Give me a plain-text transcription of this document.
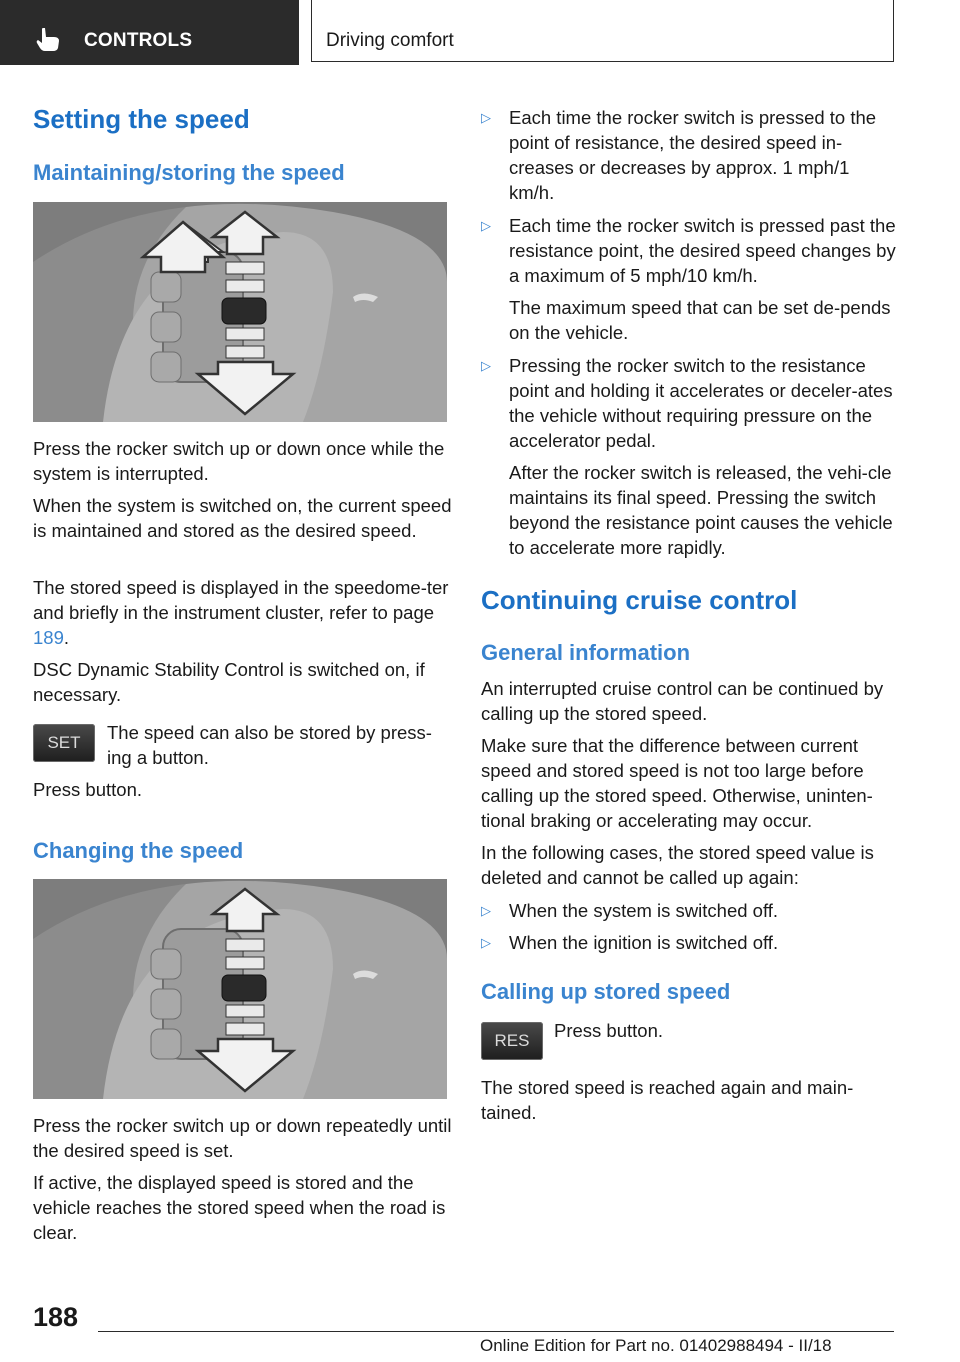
CONTROLS	Driving comfort
Setting the speed
Maintaining/storing the speed
Press the rocker switch up or down once while the system is interrupted.
When the system is switched on, the current speed is maintained and stored as the desired speed.
The stored speed is displayed in the speedome‐ter and briefly in the instrument cluster, refer to page 189.
DSC Dynamic Stability Control is switched on, if necessary.
SET	The speed can also be stored by press‐ing a button.
Press button.
Changing the speed
Press the rocker switch up or down repeatedly until the desired speed is set.
If active, the displayed speed is stored and the vehicle reaches the stored speed when the road is clear.
▷ Each time the rocker switch is pressed to the point of resistance, the desired speed in‐creases or decreases by approx. 1 mph/1 km/h.
▷ Each time the rocker switch is pressed past the resistance point, the desired speed changes by a maximum of 5 mph/10 km/h.
The maximum speed that can be set de‐pends on the vehicle.
▷ Pressing the rocker switch to the resistance point and holding it accelerates or deceler‐ates the vehicle without requiring pressure on the accelerator pedal.
After the rocker switch is released, the vehi‐cle maintains its final speed. Pressing the switch beyond the resistance point causes the vehicle to accelerate more rapidly.
Continuing cruise control
General information
An interrupted cruise control can be continued by calling up the stored speed.
Make sure that the difference between current speed and stored speed is not too large before calling up the stored speed. Otherwise, uninten‐tional braking or accelerating may occur.
In the following cases, the stored speed value is deleted and cannot be called up again:
▷ When the system is switched off.
▷ When the ignition is switched off.
Calling up stored speed
RES	Press button.
The stored speed is reached again and main‐tained.
188
Online Edition for Part no. 01402988494 - II/18
